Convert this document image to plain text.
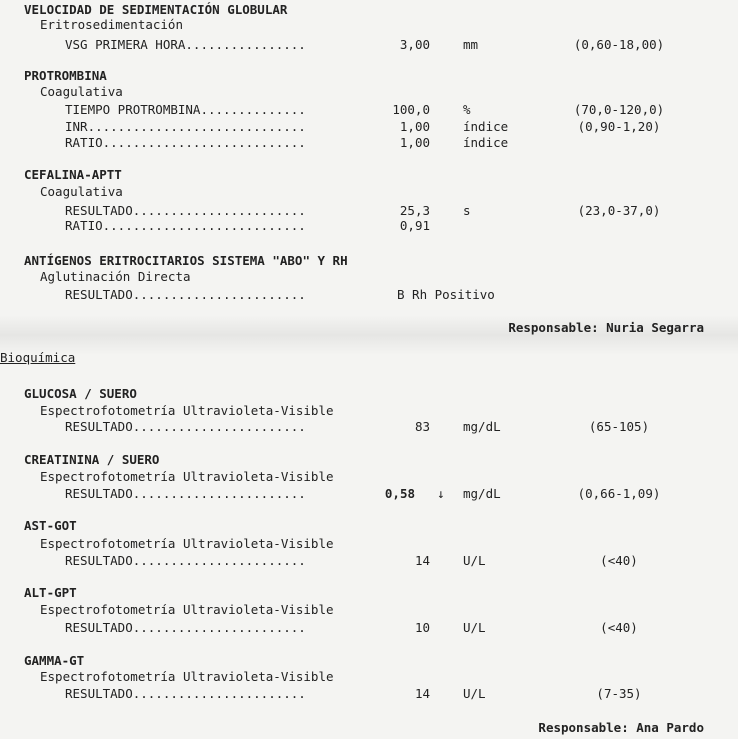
VELOCIDAD DE SEDIMENTACIÓN GLOBULAR
Eritrosedimentación
VSG PRIMERA HORA................	3,00	mm	(0,60-18,00)
PROTROMBINA
Coagulativa
TIEMPO PROTROMBINA..............	100,0	%	(70,0-120,0)
INR.............................	1,00	índice	(0,90-1,20)
RATIO...........................	1,00	índice
CEFALINA-APTT
Coagulativa
RESULTADO.......................	25,3	s	(23,0-37,0)
RATIO...........................	0,91
ANTÍGENOS ERITROCITARIOS SISTEMA "ABO" Y RH
Aglutinación Directa
RESULTADO.......................	B Rh Positivo
Responsable: Nuria Segarra
Bioquímica
GLUCOSA / SUERO
Espectrofotometría Ultravioleta-Visible
RESULTADO.......................	83	mg/dL	(65-105)
CREATININA / SUERO
Espectrofotometría Ultravioleta-Visible
RESULTADO.......................	0,58 ↓ mg/dL	(0,66-1,09)
AST-GOT
Espectrofotometría Ultravioleta-Visible
RESULTADO.......................	14	U/L	(<40)
ALT-GPT
Espectrofotometría Ultravioleta-Visible
RESULTADO.......................	10	U/L	(<40)
GAMMA-GT
Espectrofotometría Ultravioleta-Visible
RESULTADO.......................	14	U/L	(7-35)
Responsable: Ana Pardo
